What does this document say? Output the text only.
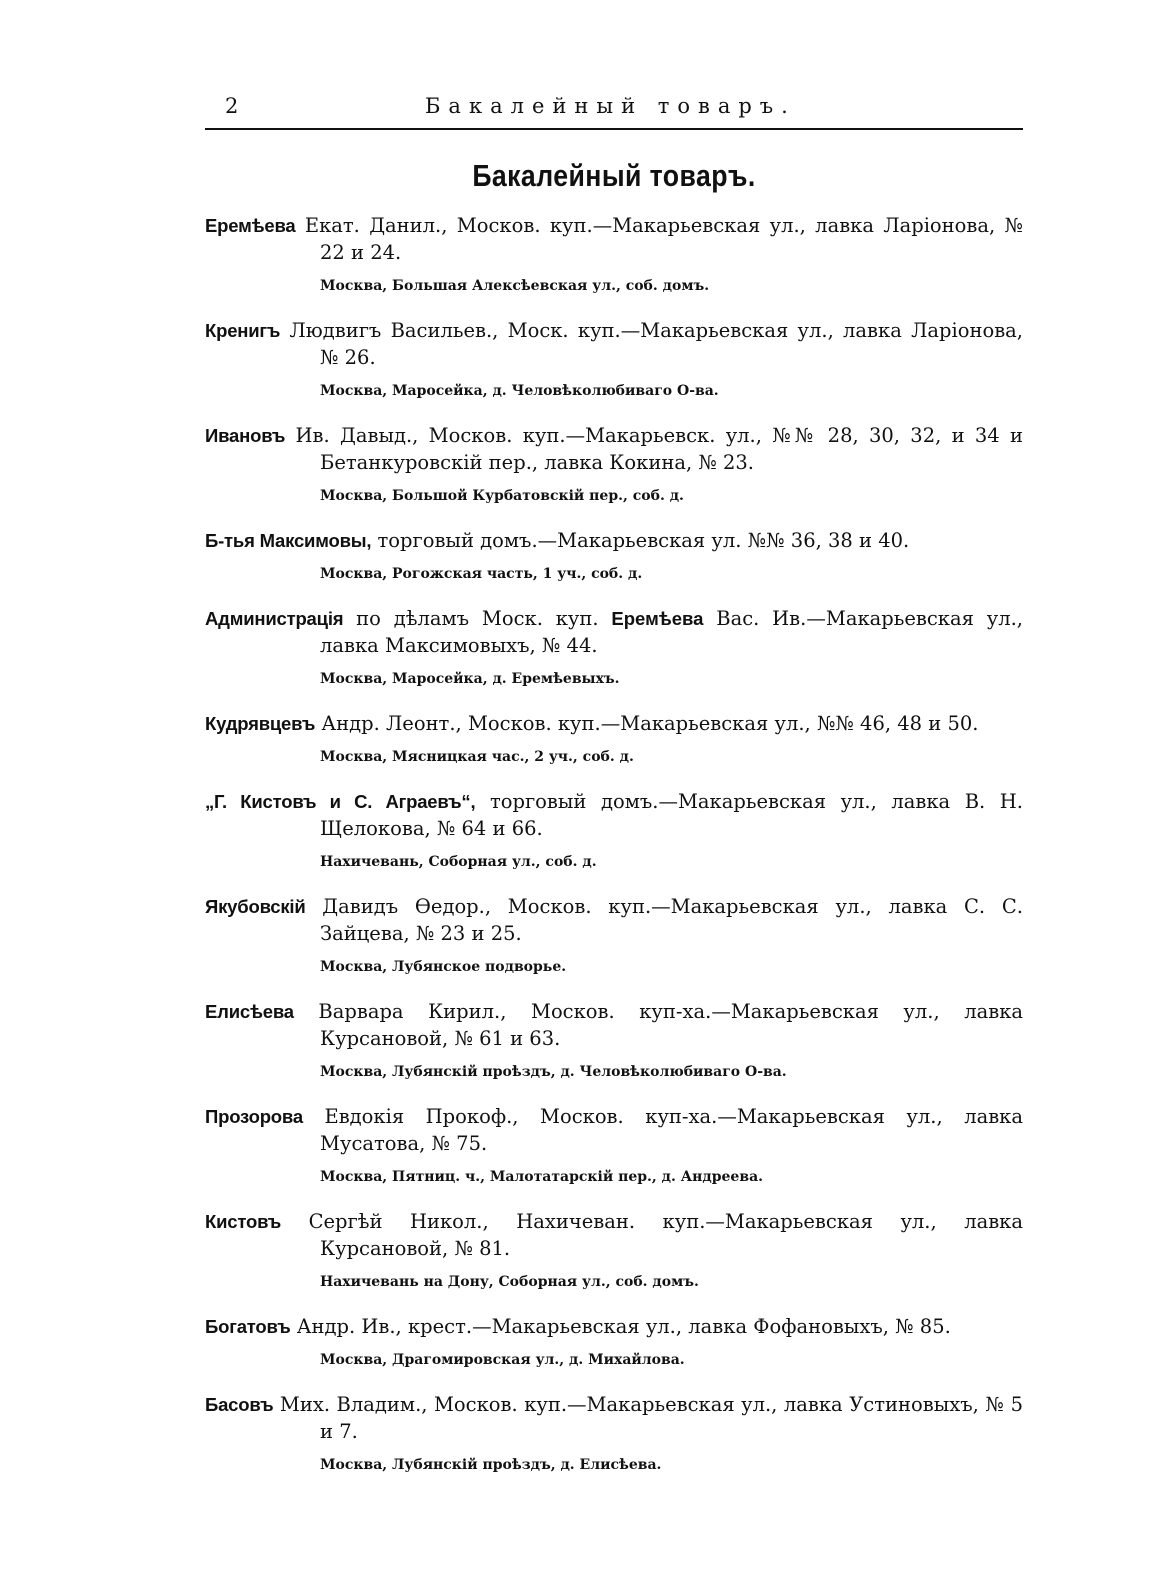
2	Бакалейный товаръ.
Бакалейный товаръ.

Еремѣева Екат. Данил., Москов. куп.—Макарьевская ул., лавка Ларіонова, № 22 и 24.

Москва, Большая Алексѣевская ул., соб. домъ.

Кренигъ Людвигъ Васильев., Моск. куп.—Макарьевская ул., лавка Ларіонова, № 26.

Москва, Маросейка, д. Человѣколюбиваго О-ва.

Ивановъ Ив. Давыд., Москов. куп.—Макарьевск. ул., №№ 28, 30, 32, и 34 и Бетанкуровскій пер., лавка Кокина, № 23.

Москва, Большой Курбатовскій пер., соб. д.

Б-тья Максимовы, торговый домъ.—Макарьевская ул. №№ 36, 38 и 40.

Москва, Рогожская часть, 1 уч., соб. д.

Администрація по дѣламъ Моск. куп. Еремѣева Вас. Ив.—Макарьевская ул., лавка Максимовыхъ, № 44.

Москва, Маросейка, д. Еремѣевыхъ.

Кудрявцевъ Андр. Леонт., Москов. куп.—Макарьевская ул., №№ 46, 48 и 50.

Москва, Мясницкая час., 2 уч., соб. д.

„Г. Кистовъ и С. Аграевъ“, торговый домъ.—Макарьевская ул., лавка В. Н. Щелокова, № 64 и 66.

Нахичевань, Соборная ул., соб. д.

Якубовскій Давидъ Ѳедор., Москов. куп.—Макарьевская ул., лавка С. С. Зайцева, № 23 и 25.

Москва, Лубянское подворье.

Елисѣева Варвара Кирил., Москов. куп-ха.—Макарьевская ул., лавка Курсановой, № 61 и 63.

Москва, Лубянскій проѣздъ, д. Человѣколюбиваго О-ва.

Прозорова Евдокія Прокоф., Москов. куп-ха.—Макарьевская ул., лавка Мусатова, № 75.

Москва, Пятниц. ч., Малотатарскій пер., д. Андреева.

Кистовъ Сергѣй Никол., Нахичеван. куп.—Макарьевская ул., лавка Курсановой, № 81.

Нахичевань на Дону, Соборная ул., соб. домъ.

Богатовъ Андр. Ив., крест.—Макарьевская ул., лавка Фофановыхъ, № 85.

Москва, Драгомировская ул., д. Михайлова.

Басовъ Мих. Владим., Москов. куп.—Макарьевская ул., лавка Устиновыхъ, № 5 и 7.

Москва, Лубянскій проѣздъ, д. Елисѣева.
